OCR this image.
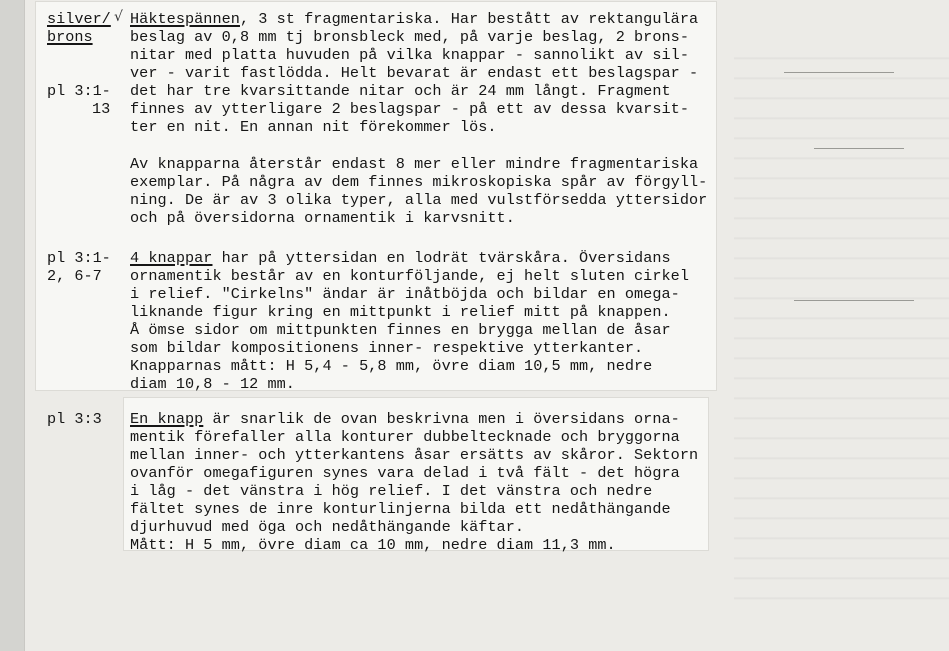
silver/ √
brons
pl 3:1-
13
pl 3:1-
2, 6-7
pl 3:3
Häktespännen, 3 st fragmentariska. Har bestått av rektangulära
beslag av 0,8 mm tj bronsbleck med, på varje beslag, 2 brons-
nitar med platta huvuden på vilka knappar - sannolikt av sil-
ver - varit fastlödda. Helt bevarat är endast ett beslagspar -
det har tre kvarsittande nitar och är 24 mm långt. Fragment
finnes av ytterligare 2 beslagspar - på ett av dessa kvarsit-
ter en nit. En annan nit förekommer lös.
Av knapparna återstår endast 8 mer eller mindre fragmentariska
exemplar. På några av dem finnes mikroskopiska spår av förgyll-
ning. De är av 3 olika typer, alla med vulstförsedda yttersidor
och på översidorna ornamentik i karvsnitt.
4 knappar har på yttersidan en lodrät tvärskåra. Översidans
ornamentik består av en konturföljande, ej helt sluten cirkel
i relief. "Cirkelns" ändar är inåtböjda och bildar en omega-
liknande figur kring en mittpunkt i relief mitt på knappen.
Å ömse sidor om mittpunkten finnes en brygga mellan de åsar
som bildar kompositionens inner- respektive ytterkanter.
Knapparnas mått: H 5,4 - 5,8 mm, övre diam 10,5 mm, nedre
diam 10,8 - 12 mm.
En knapp är snarlik de ovan beskrivna men i översidans orna-
mentik förefaller alla konturer dubbeltecknade och bryggorna
mellan inner- och ytterkantens åsar ersätts av skåror. Sektorn
ovanför omegafiguren synes vara delad i två fält - det högra
i låg - det vänstra i hög relief. I det vänstra och nedre
fältet synes de inre konturlinjerna bilda ett nedåthängande
djurhuvud med öga och nedåthängande käftar.
Mått: H 5 mm, övre diam ca 10 mm, nedre diam 11,3 mm.
